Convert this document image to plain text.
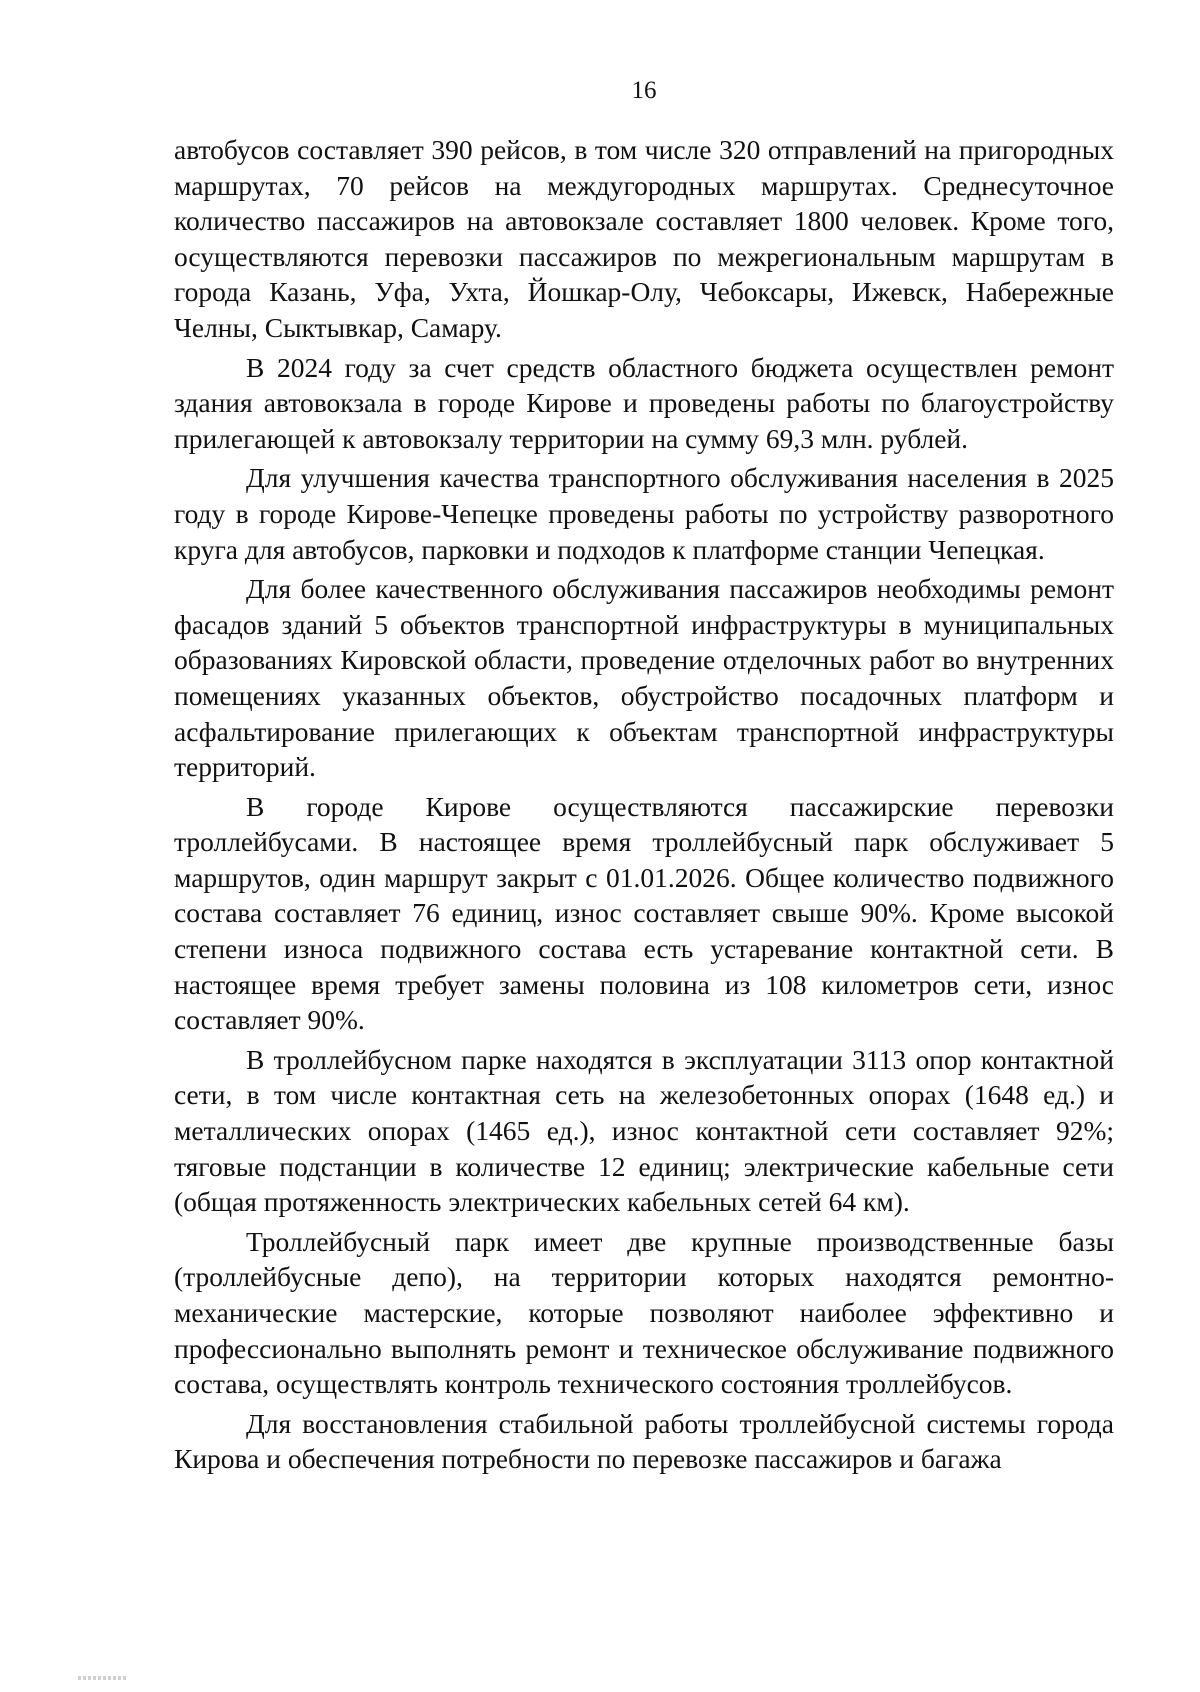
16

автобусов составляет 390 рейсов, в том числе 320 отправлений на пригородных маршрутах, 70 рейсов на междугородных маршрутах. Среднесуточное количество пассажиров на автовокзале составляет 1800 человек. Кроме того, осуществляются перевозки пассажиров по межрегиональным маршрутам в города Казань, Уфа, Ухта, Йошкар-Олу, Чебоксары, Ижевск, Набережные Челны, Сыктывкар, Самару.

В 2024 году за счет средств областного бюджета осуществлен ремонт здания автовокзала в городе Кирове и проведены работы по благоустройству прилегающей к автовокзалу территории на сумму 69,3 млн. рублей.

Для улучшения качества транспортного обслуживания населения в 2025 году в городе Кирове-Чепецке проведены работы по устройству разворотного круга для автобусов, парковки и подходов к платформе станции Чепецкая.

Для более качественного обслуживания пассажиров необходимы ремонт фасадов зданий 5 объектов транспортной инфраструктуры в муниципальных образованиях Кировской области, проведение отделочных работ во внутренних помещениях указанных объектов, обустройство посадочных платформ и асфальтирование прилегающих к объектам транспортной инфраструктуры территорий.

В городе Кирове осуществляются пассажирские перевозки троллейбусами. В настоящее время троллейбусный парк обслуживает 5 маршрутов, один маршрут закрыт с 01.01.2026. Общее количество подвижного состава составляет 76 единиц, износ составляет свыше 90%. Кроме высокой степени износа подвижного состава есть устаревание контактной сети. В настоящее время требует замены половина из 108 километров сети, износ составляет 90%.

В троллейбусном парке находятся в эксплуатации 3113 опор контактной сети, в том числе контактная сеть на железобетонных опорах (1648 ед.) и металлических опорах (1465 ед.), износ контактной сети составляет 92%; тяговые подстанции в количестве 12 единиц; электрические кабельные сети (общая протяженность электрических кабельных сетей 64 км).

Троллейбусный парк имеет две крупные производственные базы (троллейбусные депо), на территории которых находятся ремонтно-механические мастерские, которые позволяют наиболее эффективно и профессионально выполнять ремонт и техническое обслуживание подвижного состава, осуществлять контроль технического состояния троллейбусов.

Для восстановления стабильной работы троллейбусной системы города Кирова и обеспечения потребности по перевозке пассажиров и багажа
